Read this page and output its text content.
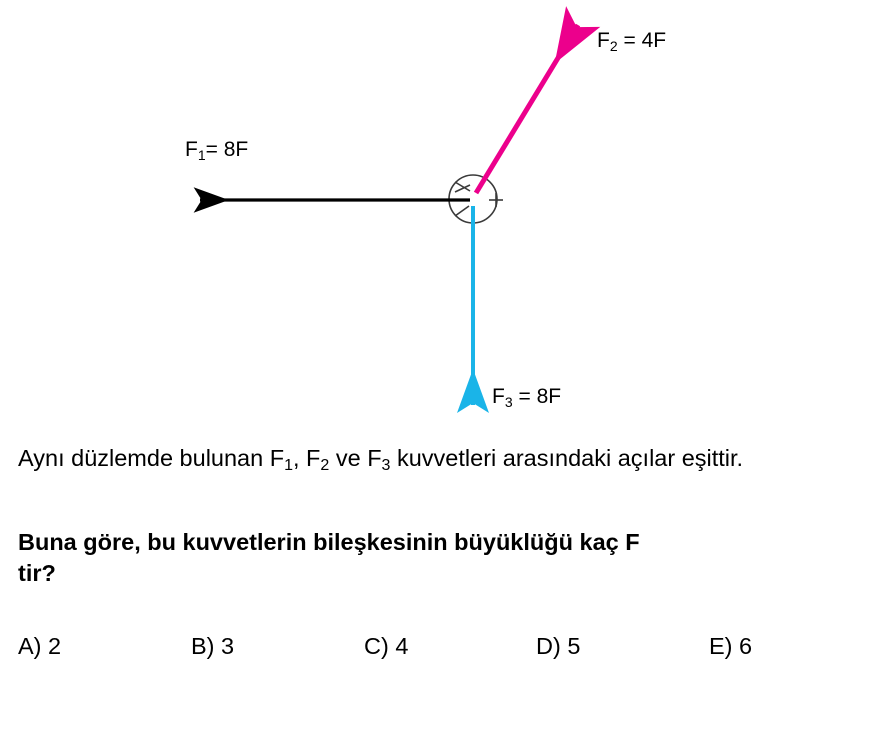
$F_1= 8F$
$F_2 = 4F$
$F_3 = 8F$
Aynı düzlemde bulunan $F_1$, $F_2$ ve $F_3$ kuvvetleri arasındaki açılar eşittir.
Buna göre, bu kuvvetlerin bileşkesinin büyüklüğü kaç F
tir?
A) 2	B) 3	C) 4	D) 5	E) 6
